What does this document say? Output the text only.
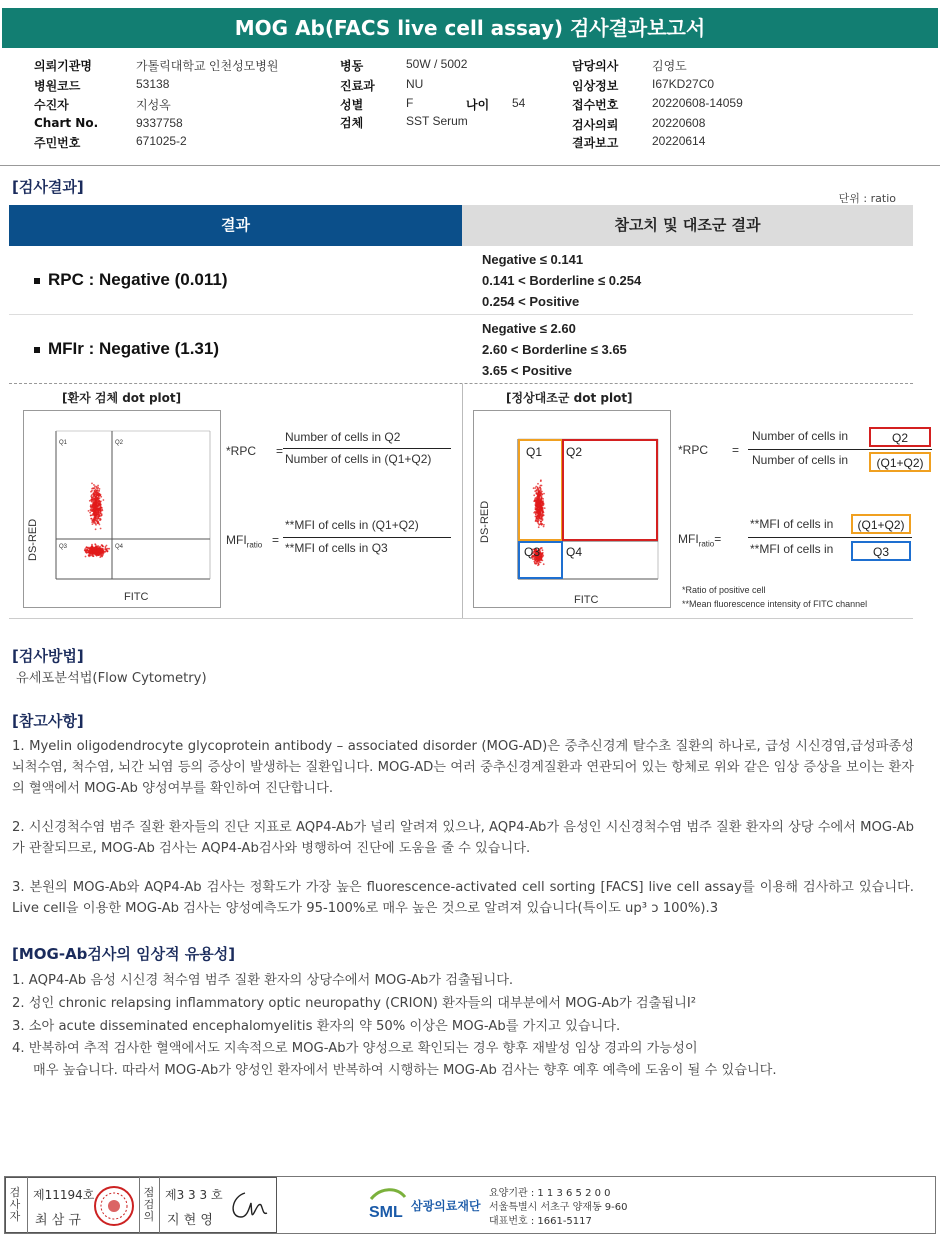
MOG Ab(FACS live cell assay) 검사결과보고서
의뢰기관명	가톨릭대학교 인천성모병원
병원코드	53138
수진자	지성옥
Chart No.	9337758
주민번호	671025-2
병동	50W / 5002
진료과	NU
성별	F	나이 54
검체	SST Serum
담당의사	김영도
임상정보	I67KD27C0
접수번호	20220608-14059
검사의뢰	20220608
결과보고	20220614
[검사결과]
단위 : ratio
결과	참고치 및 대조군 결과
RPC : Negative (0.011)
Negative ≤ 0.141
0.141 < Borderline ≤ 0.254
0.254 < Positive
MFIr : Negative (1.31)
Negative ≤ 2.60
2.60 < Borderline ≤ 3.65
3.65 < Positive
[환자 검체 dot plot]	[정상대조군 dot plot]
Q1	Q2
Q3	Q4
DS-RED
FITC
*RPC =
Number of cells in Q2
Number of cells in (Q1+Q2)
$MFI_{ratio}$ =
**MFI of cells in (Q1+Q2)
**MFI of cells in Q3
Q1 Q2
Q3 Q4
DS-RED
FITC
*RPC =
Number of cells in	Q2
Number of cells in	(Q1+Q2)
$MFI_{ratio}=$
**MFI of cells in	(Q1+Q2)
**MFI of cells in	Q3
*Ratio of positive cell
**Mean fluorescence intensity of FITC channel
[검사방법]
유세포분석법(Flow Cytometry)
[참고사항]
1. Myelin oligodendrocyte glycoprotein antibody – associated disorder (MOG-AD)은 중추신경계 탈수초 질환의 하나로, 급성 시신경염,급성파종성 뇌척수염, 척수염, 뇌간 뇌염 등의 증상이 발생하는 질환입니다. MOG-AD는 여러 중추신경계질환과 연관되어 있는 항체로 위와 같은 임상 증상을 보이는 환자의 혈액에서 MOG-Ab 양성여부를 확인하여 진단합니다.
2. 시신경척수염 범주 질환 환자들의 진단 지표로 AQP4-Ab가 널리 알려져 있으나, AQP4-Ab가 음성인 시신경척수염 범주 질환 환자의 상당 수에서 MOG-Ab가 관찰되므로, MOG-Ab 검사는 AQP4-Ab검사와 병행하여 진단에 도움을 줄 수 있습니다.
3. 본원의 MOG-Ab와 AQP4-Ab 검사는 정확도가 가장 높은 fluorescence-activated cell sorting [FACS] live cell assay를 이용해 검사하고 있습니다. Live cell을 이용한 MOG-Ab 검사는 양성예측도가 95-100%로 매우 높은 것으로 알려져 있습니다(특이도 up³ ɔ 100%).3
[MOG-Ab검사의 임상적 유용성]
1. AQP4-Ab 음성 시신경 척수염 범주 질환 환자의 상당수에서 MOG-Ab가 검출됩니다.
2. 성인 chronic relapsing inflammatory optic neuropathy (CRION) 환자들의 대부분에서 MOG-Ab가 검출됩니I²
3. 소아 acute disseminated encephalomyelitis 환자의 약 50% 이상은 MOG-Ab를 가지고 있습니다.
4. 반복하여 추적 검사한 혈액에서도 지속적으로 MOG-Ab가 양성으로 확인되는 경우 향후 재발성 임상 경과의 가능성이
매우 높습니다. 따라서 MOG-Ab가 양성인 환자에서 반복하여 시행하는 MOG-Ab 검사는 향후 예후 예측에 도움이 될 수 있습니다.
검사자
제11194호
최 삼 규
점검의
제3 3 3 호
지 현 영	SML 삼광의료재단
요양기관 : 1 1 3 6 5 2 0 0
서울특별시 서초구 양재동 9-60
대표번호 : 1661-5117
